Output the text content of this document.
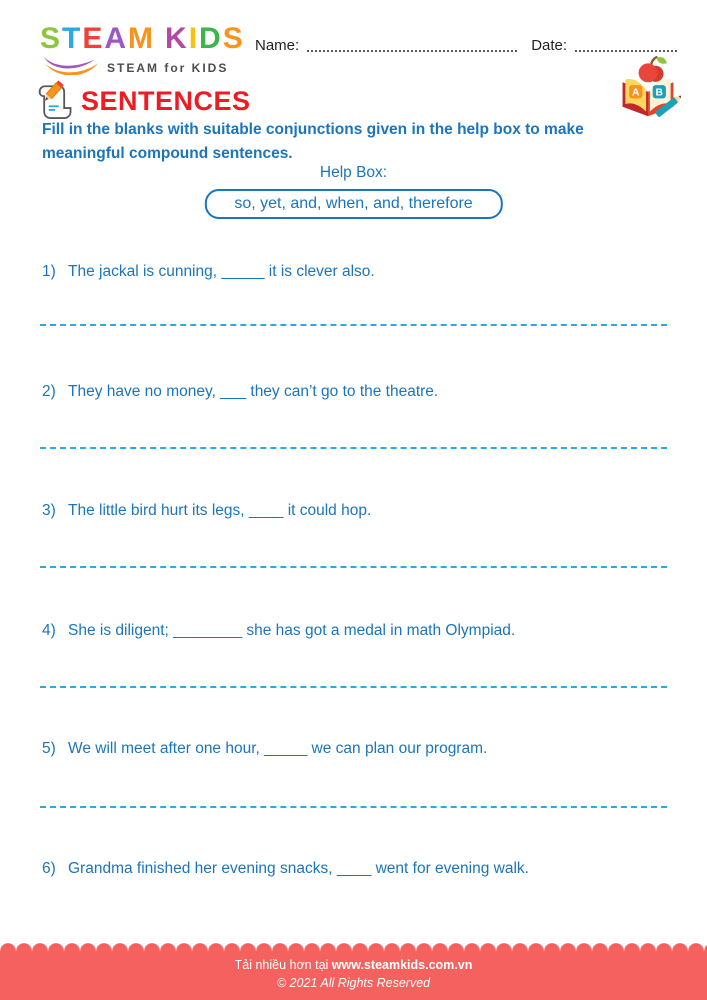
STEAM KIDS
STEAM for KIDS
Name:	Date:
A B
SENTENCES
Fill in the blanks with suitable conjunctions given in the help box to make meaningful compound sentences.
Help Box:
so, yet, and, when, and, therefore
1) The jackal is cunning, _____ it is clever also.
2) They have no money, ___ they can’t go to the theatre.
3) The little bird hurt its legs, ____ it could hop.
4) She is diligent; ________ she has got a medal in math Olympiad.
5) We will meet after one hour, _____ we can plan our program.
6) Grandma finished her evening snacks, ____ went for evening walk.
Tải nhiều hơn tại www.steamkids.com.vn
© 2021 All Rights Reserved
